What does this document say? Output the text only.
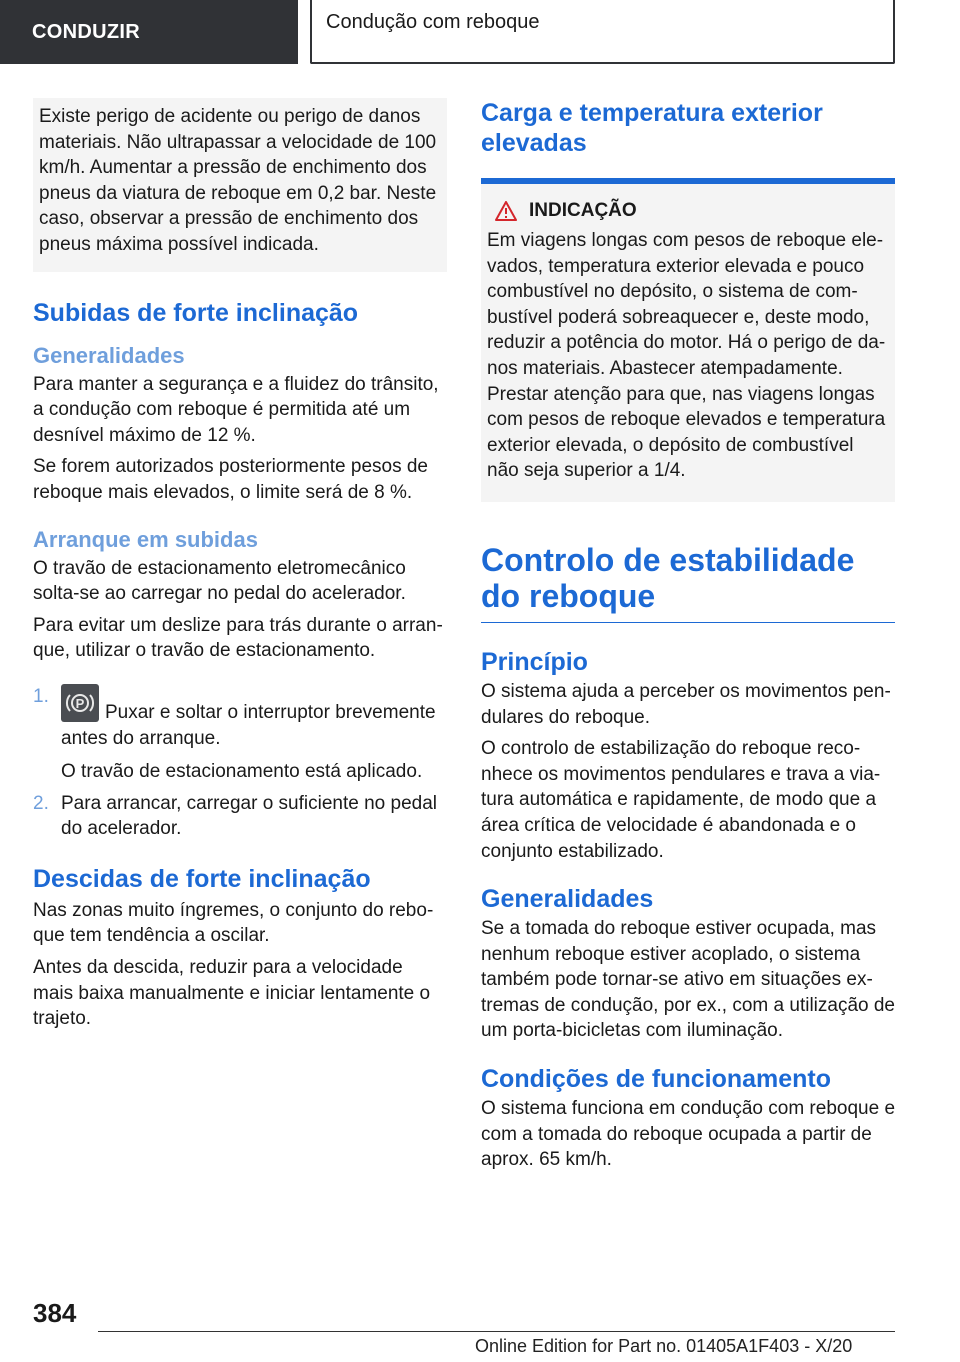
CONDUZIR	Condução com reboque

Existe perigo de acidente ou perigo de danos materiais. Não ultrapassar a velocidade de 100 km/h. Aumentar a pressão de enchimento dos pneus da viatura de reboque em 0,2 bar. Neste caso, observar a pressão de enchimento dos pneus máxima possível indicada.

Subidas de forte inclinação
Generalidades

Para manter a segurança e a fluidez do trânsito, a condução com reboque é permitida até um desnível máximo de 12 %.

Se forem autorizados posteriormente pesos de reboque mais elevados, o limite será de 8 %.

Arranque em subidas

O travão de estacionamento eletromecânico solta-se ao carregar no pedal do acelerador.

Para evitar um deslize para trás durante o arranque, utilizar o travão de estacionamento.

1. P Puxar e soltar o interruptor brevemente antes do arranque.

O travão de estacionamento está aplicado.

2. Para arrancar, carregar o suficiente no pedal do acelerador.
Descidas de forte inclinação

Nas zonas muito íngremes, o conjunto do reboque tem tendência a oscilar.

Antes da descida, reduzir para a velocidade mais baixa manualmente e iniciar lentamente o trajeto.

Carga e temperatura exterior elevadas
INDICAÇÃO

Em viagens longas com pesos de reboque elevados, temperatura exterior elevada e pouco combustível no depósito, o sistema de combustível poderá sobreaquecer e, deste modo, reduzir a potência do motor. Há o perigo de danos materiais. Abastecer atempadamente. Prestar atenção para que, nas viagens longas com pesos de reboque elevados e temperatura exterior elevada, o depósito de combustível não seja superior a 1/4.

Controlo de estabilidade do reboque
Princípio

O sistema ajuda a perceber os movimentos pendulares do reboque.

O controlo de estabilização do reboque reconhece os movimentos pendulares e trava a viatura automática e rapidamente, de modo que a área crítica de velocidade é abandonada e o conjunto estabilizado.

Generalidades

Se a tomada do reboque estiver ocupada, mas nenhum reboque estiver acoplado, o sistema também pode tornar-se ativo em situações extremas de condução, por ex., com a utilização de um porta-bicicletas com iluminação.

Condições de funcionamento

O sistema funciona em condução com reboque e com a tomada do reboque ocupada a partir de aprox. 65 km/h.

384
Online Edition for Part no. 01405A1F403 - X/20
